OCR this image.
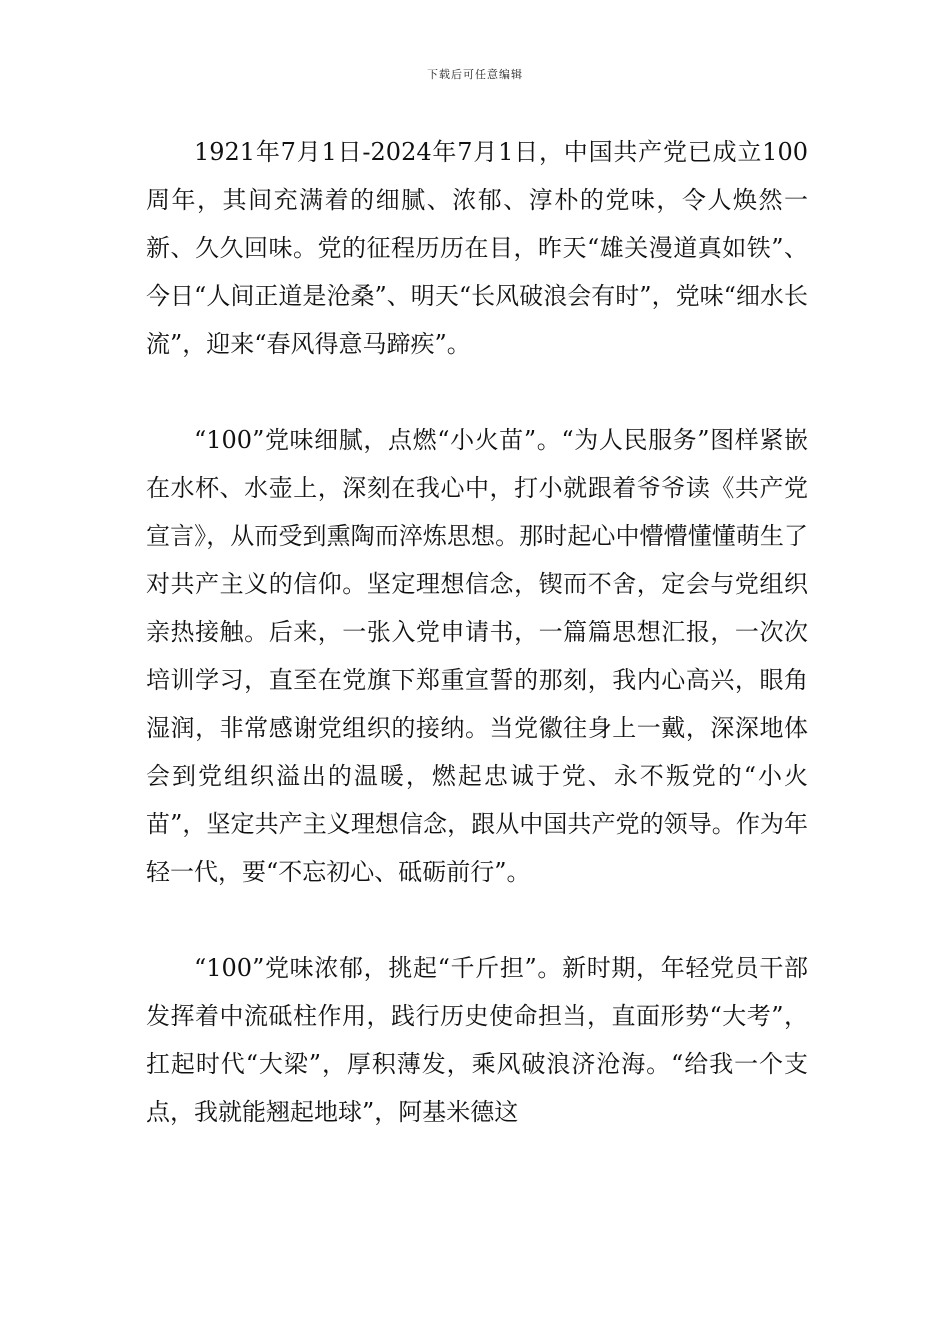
下载后可任意编辑

1921年7月1日-2024年7月1日，中国共产党已成立100周年，其间充满着的细腻、浓郁、淳朴的党味，令人焕然一新、久久回味。党的征程历历在目，昨天“雄关漫道真如铁”、今日“人间正道是沧桑”、明天“长风破浪会有时”，党味“细水长流”，迎来“春风得意马蹄疾”。

“100”党味细腻，点燃“小火苗”。“为人民服务”图样紧嵌在水杯、水壶上，深刻在我心中，打小就跟着爷爷读《共产党宣言》，从而受到熏陶而淬炼思想。那时起心中懵懵懂懂萌生了对共产主义的信仰。坚定理想信念，锲而不舍，定会与党组织亲热接触。后来，一张入党申请书，一篇篇思想汇报，一次次培训学习，直至在党旗下郑重宣誓的那刻，我内心高兴，眼角湿润，非常感谢党组织的接纳。当党徽往身上一戴，深深地体会到党组织溢出的温暖，燃起忠诚于党、永不叛党的“小火苗”，坚定共产主义理想信念，跟从中国共产党的领导。作为年轻一代，要“不忘初心、砥砺前行”。

“100”党味浓郁，挑起“千斤担”。新时期，年轻党员干部发挥着中流砥柱作用，践行历史使命担当，直面形势“大考”，扛起时代“大梁”，厚积薄发，乘风破浪济沧海。“给我一个支点，我就能翘起地球”，阿基米德这
